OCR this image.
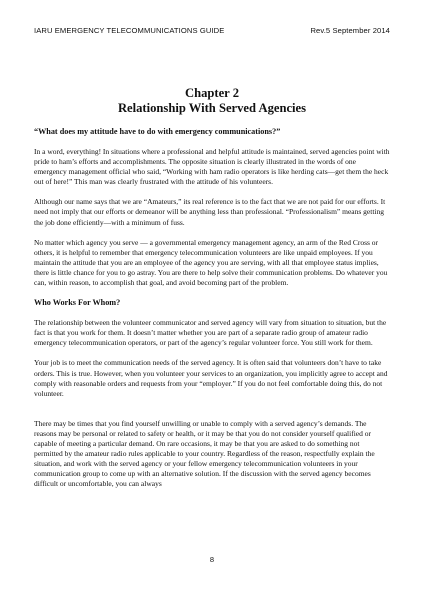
IARU EMERGENCY TELECOMMUNICATIONS GUIDE	Rev.5 September 2014
Chapter 2
Relationship With Served Agencies

“What does my attitude have to do with emergency communications?”

In a word, everything! In situations where a professional and helpful attitude is maintained, served agencies point with pride to ham’s efforts and accomplishments. The opposite situation is clearly illustrated in the words of one emergency management official who said, “Working with ham radio operators is like herding cats—get them the heck out of here!” This man was clearly frustrated with the attitude of his volunteers.

Although our name says that we are “Amateurs,” its real reference is to the fact that we are not paid for our efforts. It need not imply that our efforts or demeanor will be anything less than professional. “Professionalism” means getting the job done efficiently—with a minimum of fuss.

No matter which agency you serve — a governmental emergency management agency, an arm of the Red Cross or others, it is helpful to remember that emergency telecommunication volunteers are like unpaid employees. If you maintain the attitude that you are an employee of the agency you are serving, with all that employee status implies, there is little chance for you to go astray. You are there to help solve their communication problems. Do whatever you can, within reason, to accomplish that goal, and avoid becoming part of the problem.

Who Works For Whom?

The relationship between the volunteer communicator and served agency will vary from situation to situation, but the fact is that you work for them. It doesn’t matter whether you are part of a separate radio group of amateur radio emergency telecommunication operators, or part of the agency’s regular volunteer force. You still work for them.

Your job is to meet the communication needs of the served agency. It is often said that volunteers don’t have to take orders. This is true. However, when you volunteer your services to an organization, you implicitly agree to accept and comply with reasonable orders and requests from your “employer.” If you do not feel comfortable doing this, do not volunteer.

There may be times that you find yourself unwilling or unable to comply with a served agency’s demands. The reasons may be personal or related to safety or health, or it may be that you do not consider yourself qualified or capable of meeting a particular demand. On rare occasions, it may be that you are asked to do something not permitted by the amateur radio rules applicable to your country. Regardless of the reason, respectfully explain the situation, and work with the served agency or your fellow emergency telecommunication volunteers in your communication group to come up with an alternative solution. If the discussion with the served agency becomes difficult or uncomfortable, you can always

8
